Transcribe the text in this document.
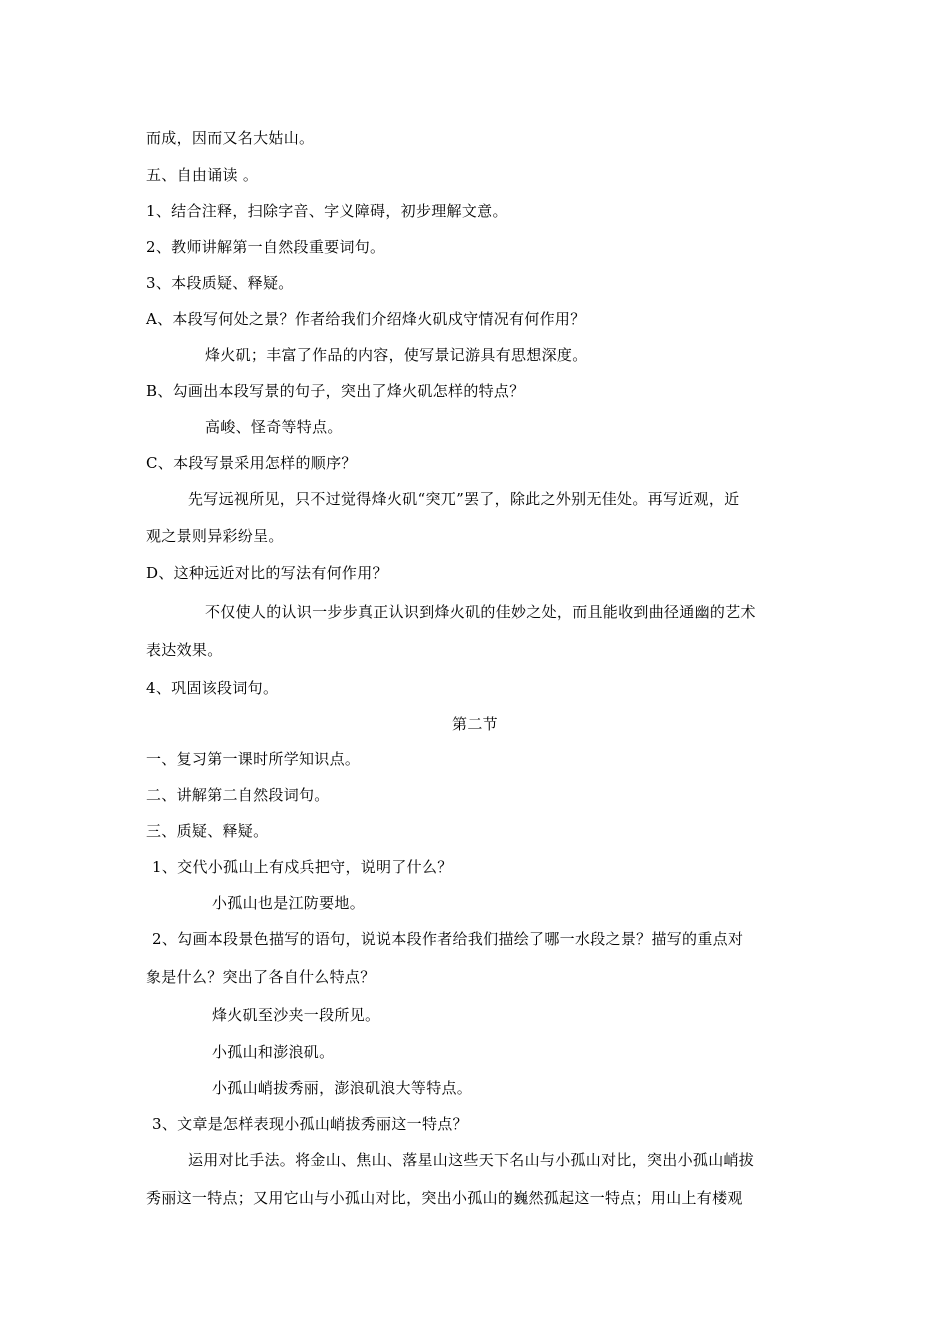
而成，因而又名大姑山。
五、自由诵读 。
1、结合注释，扫除字音、字义障碍，初步理解文意。
2、教师讲解第一自然段重要词句。
3、本段质疑、释疑。
A、本段写何处之景？作者给我们介绍烽火矶戍守情况有何作用？
烽火矶；丰富了作品的内容，使写景记游具有思想深度。
B、勾画出本段写景的句子，突出了烽火矶怎样的特点？
高峻、怪奇等特点。
C、本段写景采用怎样的顺序？
先写远视所见，只不过觉得烽火矶“突兀”罢了，除此之外别无佳处。再写近观，近
观之景则异彩纷呈。
D、这种远近对比的写法有何作用？
不仅使人的认识一步步真正认识到烽火矶的佳妙之处，而且能收到曲径通幽的艺术
表达效果。
4、巩固该段词句。
第二节
一、复习第一课时所学知识点。
二、讲解第二自然段词句。
三、质疑、释疑。
1、交代小孤山上有戍兵把守，说明了什么？
小孤山也是江防要地。
2、勾画本段景色描写的语句，说说本段作者给我们描绘了哪一水段之景？描写的重点对
象是什么？突出了各自什么特点？
烽火矶至沙夹一段所见。
小孤山和澎浪矶。
小孤山峭拔秀丽，澎浪矶浪大等特点。
3、文章是怎样表现小孤山峭拔秀丽这一特点？
运用对比手法。将金山、焦山、落星山这些天下名山与小孤山对比，突出小孤山峭拔
秀丽这一特点；又用它山与小孤山对比，突出小孤山的巍然孤起这一特点；用山上有楼观
